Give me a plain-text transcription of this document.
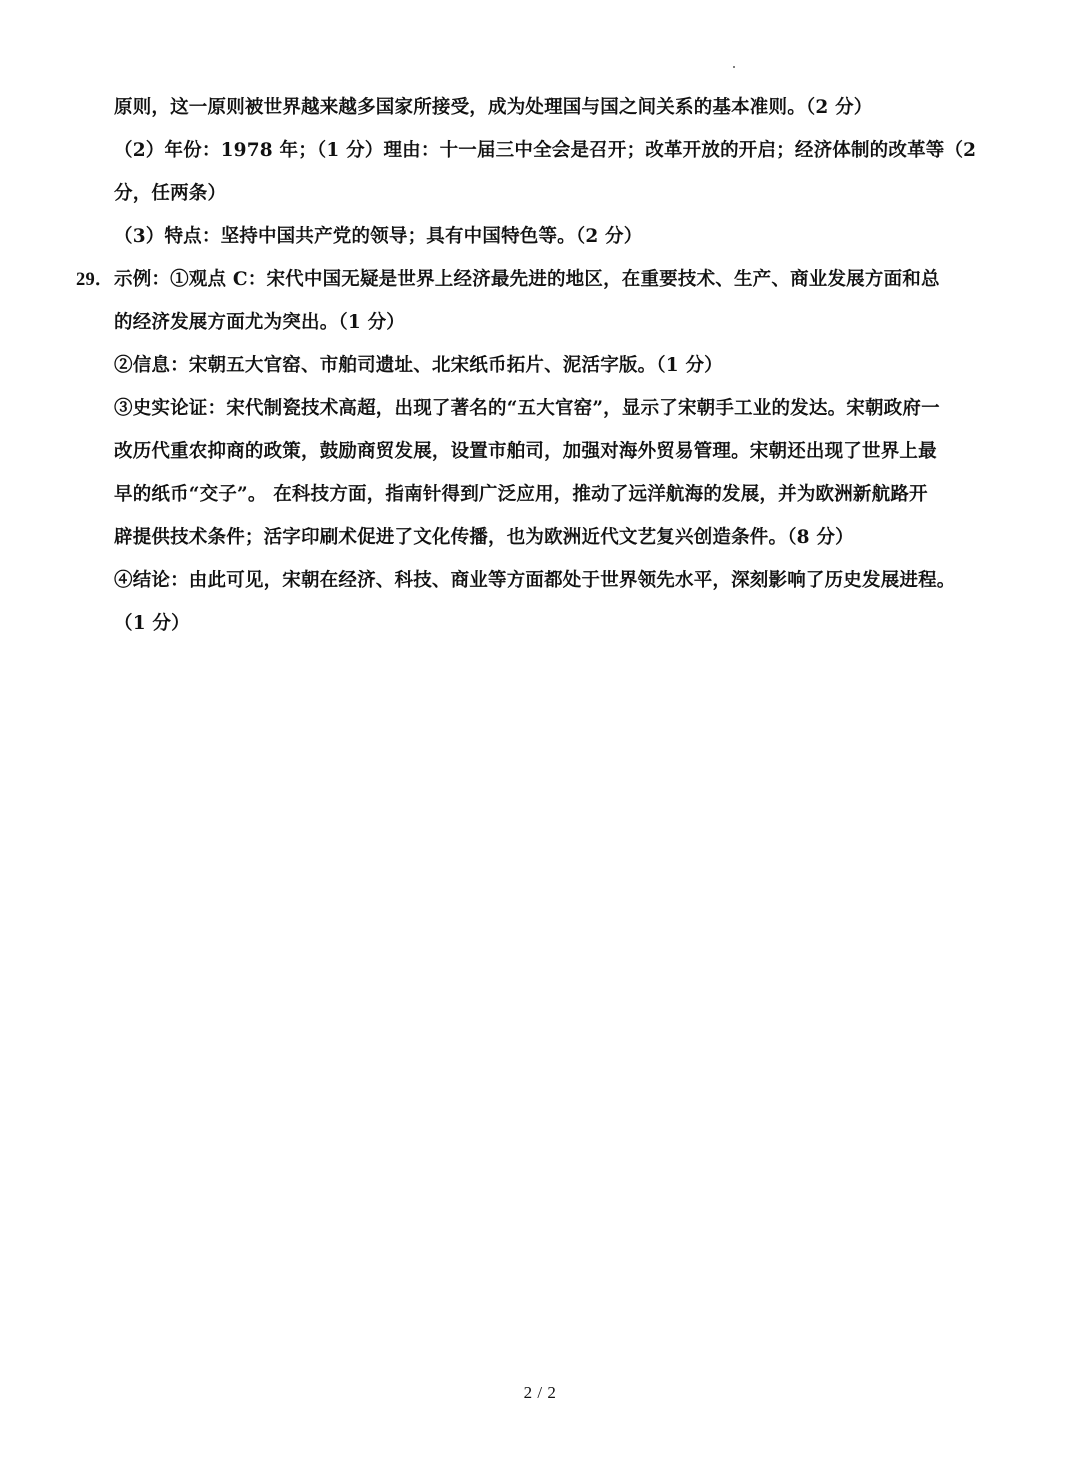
原则，这一原则被世界越来越多国家所接受，成为处理国与国之间关系的基本准则。（2 分）
（2）年份：1978 年；（1 分）理由：十一届三中全会是召开；改革开放的开启；经济体制的改革等（2
分，任两条）
（3）特点：坚持中国共产党的领导；具有中国特色等。（2 分）
29． 示例：①观点 C：宋代中国无疑是世界上经济最先进的地区，在重要技术、生产、商业发展方面和总
的经济发展方面尤为突出。（1 分）
②信息：宋朝五大官窑、市舶司遗址、北宋纸币拓片、泥活字版。（1 分）
③史实论证：宋代制瓷技术高超，出现了著名的“五大官窑”，显示了宋朝手工业的发达。宋朝政府一
改历代重农抑商的政策，鼓励商贸发展，设置市舶司，加强对海外贸易管理。宋朝还出现了世界上最
早的纸币“交子”。 在科技方面，指南针得到广泛应用，推动了远洋航海的发展，并为欧洲新航路开
辟提供技术条件；活字印刷术促进了文化传播，也为欧洲近代文艺复兴创造条件。（8 分）
④结论：由此可见，宋朝在经济、科技、商业等方面都处于世界领先水平，深刻影响了历史发展进程。
（1 分）
2 / 2
